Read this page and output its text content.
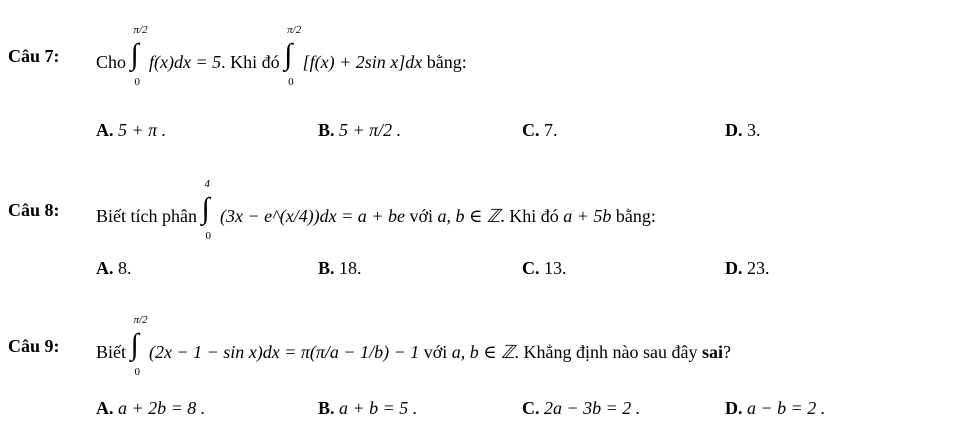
Câu 7: Cho ∫
π/2
0
f(x)dx = 5. Khi đó ∫
π/2
0
[f(x) + 2sin x]dx bằng:
A. 5 + π .	B. 5 + π/2 .	C. 7.	D. 3.
Câu 8: Biết tích phân ∫
4
0
(3x − e^(x/4))dx = a + be với a, b ∈ ℤ. Khi đó a + 5b bằng:
A. 8.	B. 18.	C. 13.	D. 23.
Câu 9: Biết ∫
π/2
0
(2x − 1 − sin x)dx = π(π/a − 1/b) − 1 với a, b ∈ ℤ. Khẳng định nào sau đây sai?
A. a + 2b = 8 .	B. a + b = 5 .	C. 2a − 3b = 2 .	D. a − b = 2 .
